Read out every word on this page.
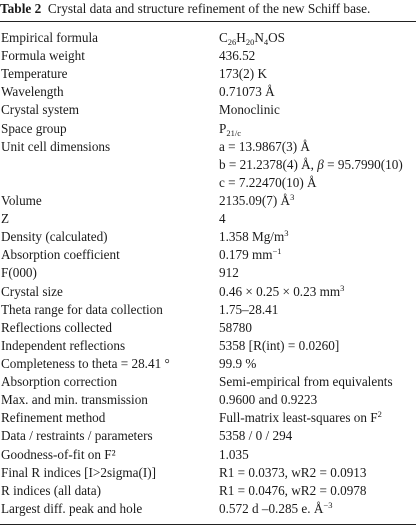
Table 2 Crystal data and structure refinement of the new Schiff base.
Empirical formula	$C_{26}H_{20}N_4OS$
Formula weight	436.52
Temperature	173(2) K
Wavelength	0.71073 Å
Crystal system	Monoclinic
Space group	$P_{21/c}$
Unit cell dimensions	a = 13.9867(3) Å
b = 21.2378(4) Å, β = 95.7990(10)
c = 7.22470(10) Å
Volume	2135.09(7) $Å^3$
Z	4
Density (calculated)	1.358 $Mg/m^3$
Absorption coefficient	0.179 $mm^{-1}$
F(000)	912
Crystal size	0.46 × 0.25 × 0.23 $mm^3$
Theta range for data collection	1.75–28.41
Reflections collected	58780
Independent reflections	5358 [R(int) = 0.0260]
Completeness to theta = 28.41 °	99.9 %
Absorption correction	Semi-empirical from equivalents
Max. and min. transmission	0.9600 and 0.9223
Refinement method	Full-matrix least-squares on $F^2$
Data / restraints / parameters	5358 / 0 / 294
Goodness-of-fit on F²	1.035
Final R indices [I>2sigma(I)]	R1 = 0.0373, wR2 = 0.0913
R indices (all data)	R1 = 0.0476, wR2 = 0.0978
Largest diff. peak and hole	0.572 d –0.285 e. $Å^{-3}$
